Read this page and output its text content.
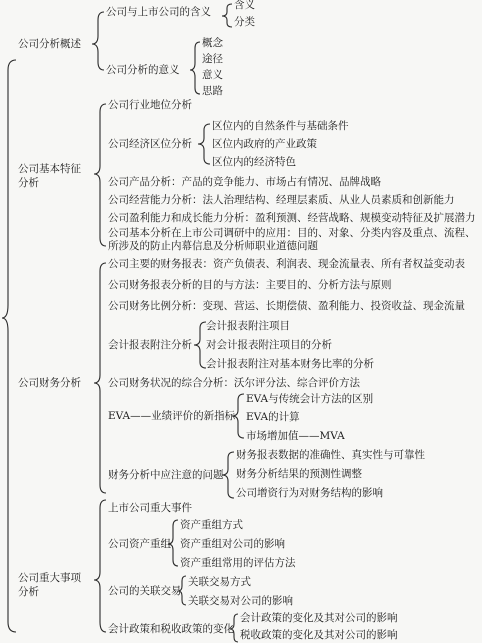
公司分析概述
公司与上市公司的含义
含义
分类
公司分析的意义
概念
途径
意义
思路
公司基本特征
分析
公司行业地位分析
公司经济区位分析
区位内的自然条件与基础条件
区位内政府的产业政策
区位内的经济特色
公司产品分析：产品的竞争能力、市场占有情况、品牌战略
公司经营能力分析：法人治理结构、经理层素质、从业人员素质和创新能力
公司盈利能力和成长能力分析：盈利预测、经营战略、规模变动特征及扩展潜力
公司基本分析在上市公司调研中的应用：目的、对象、分类内容及重点、流程、
所涉及的防止内幕信息及分析师职业道德问题
公司财务分析
公司主要的财务报表：资产负债表、利润表、现金流量表、所有者权益变动表
公司财务报表分析的目的与方法：主要目的、分析方法与原则
公司财务比例分析：变现、营运、长期偿债、盈利能力、投资收益、现金流量
会计报表附注分析
会计报表附注项目
对会计报表附注项目的分析
会计报表附注对基本财务比率的分析
公司财务状况的综合分析：沃尔评分法、综合评价方法
EVA——业绩评价的新指标
EVA与传统会计方法的区别
EVA的计算
市场增加值——MVA
财务分析中应注意的问题
财务报表数据的准确性、真实性与可靠性
财务分析结果的预测性调整
公司增资行为对财务结构的影响
公司重大事项
分析
上市公司重大事件
公司资产重组
资产重组方式
资产重组对公司的影响
资产重组常用的评估方法
公司的关联交易
关联交易方式
关联交易对公司的影响
会计政策和税收政策的变化
会计政策的变化及其对公司的影响
税收政策的变化及其对公司的影响
